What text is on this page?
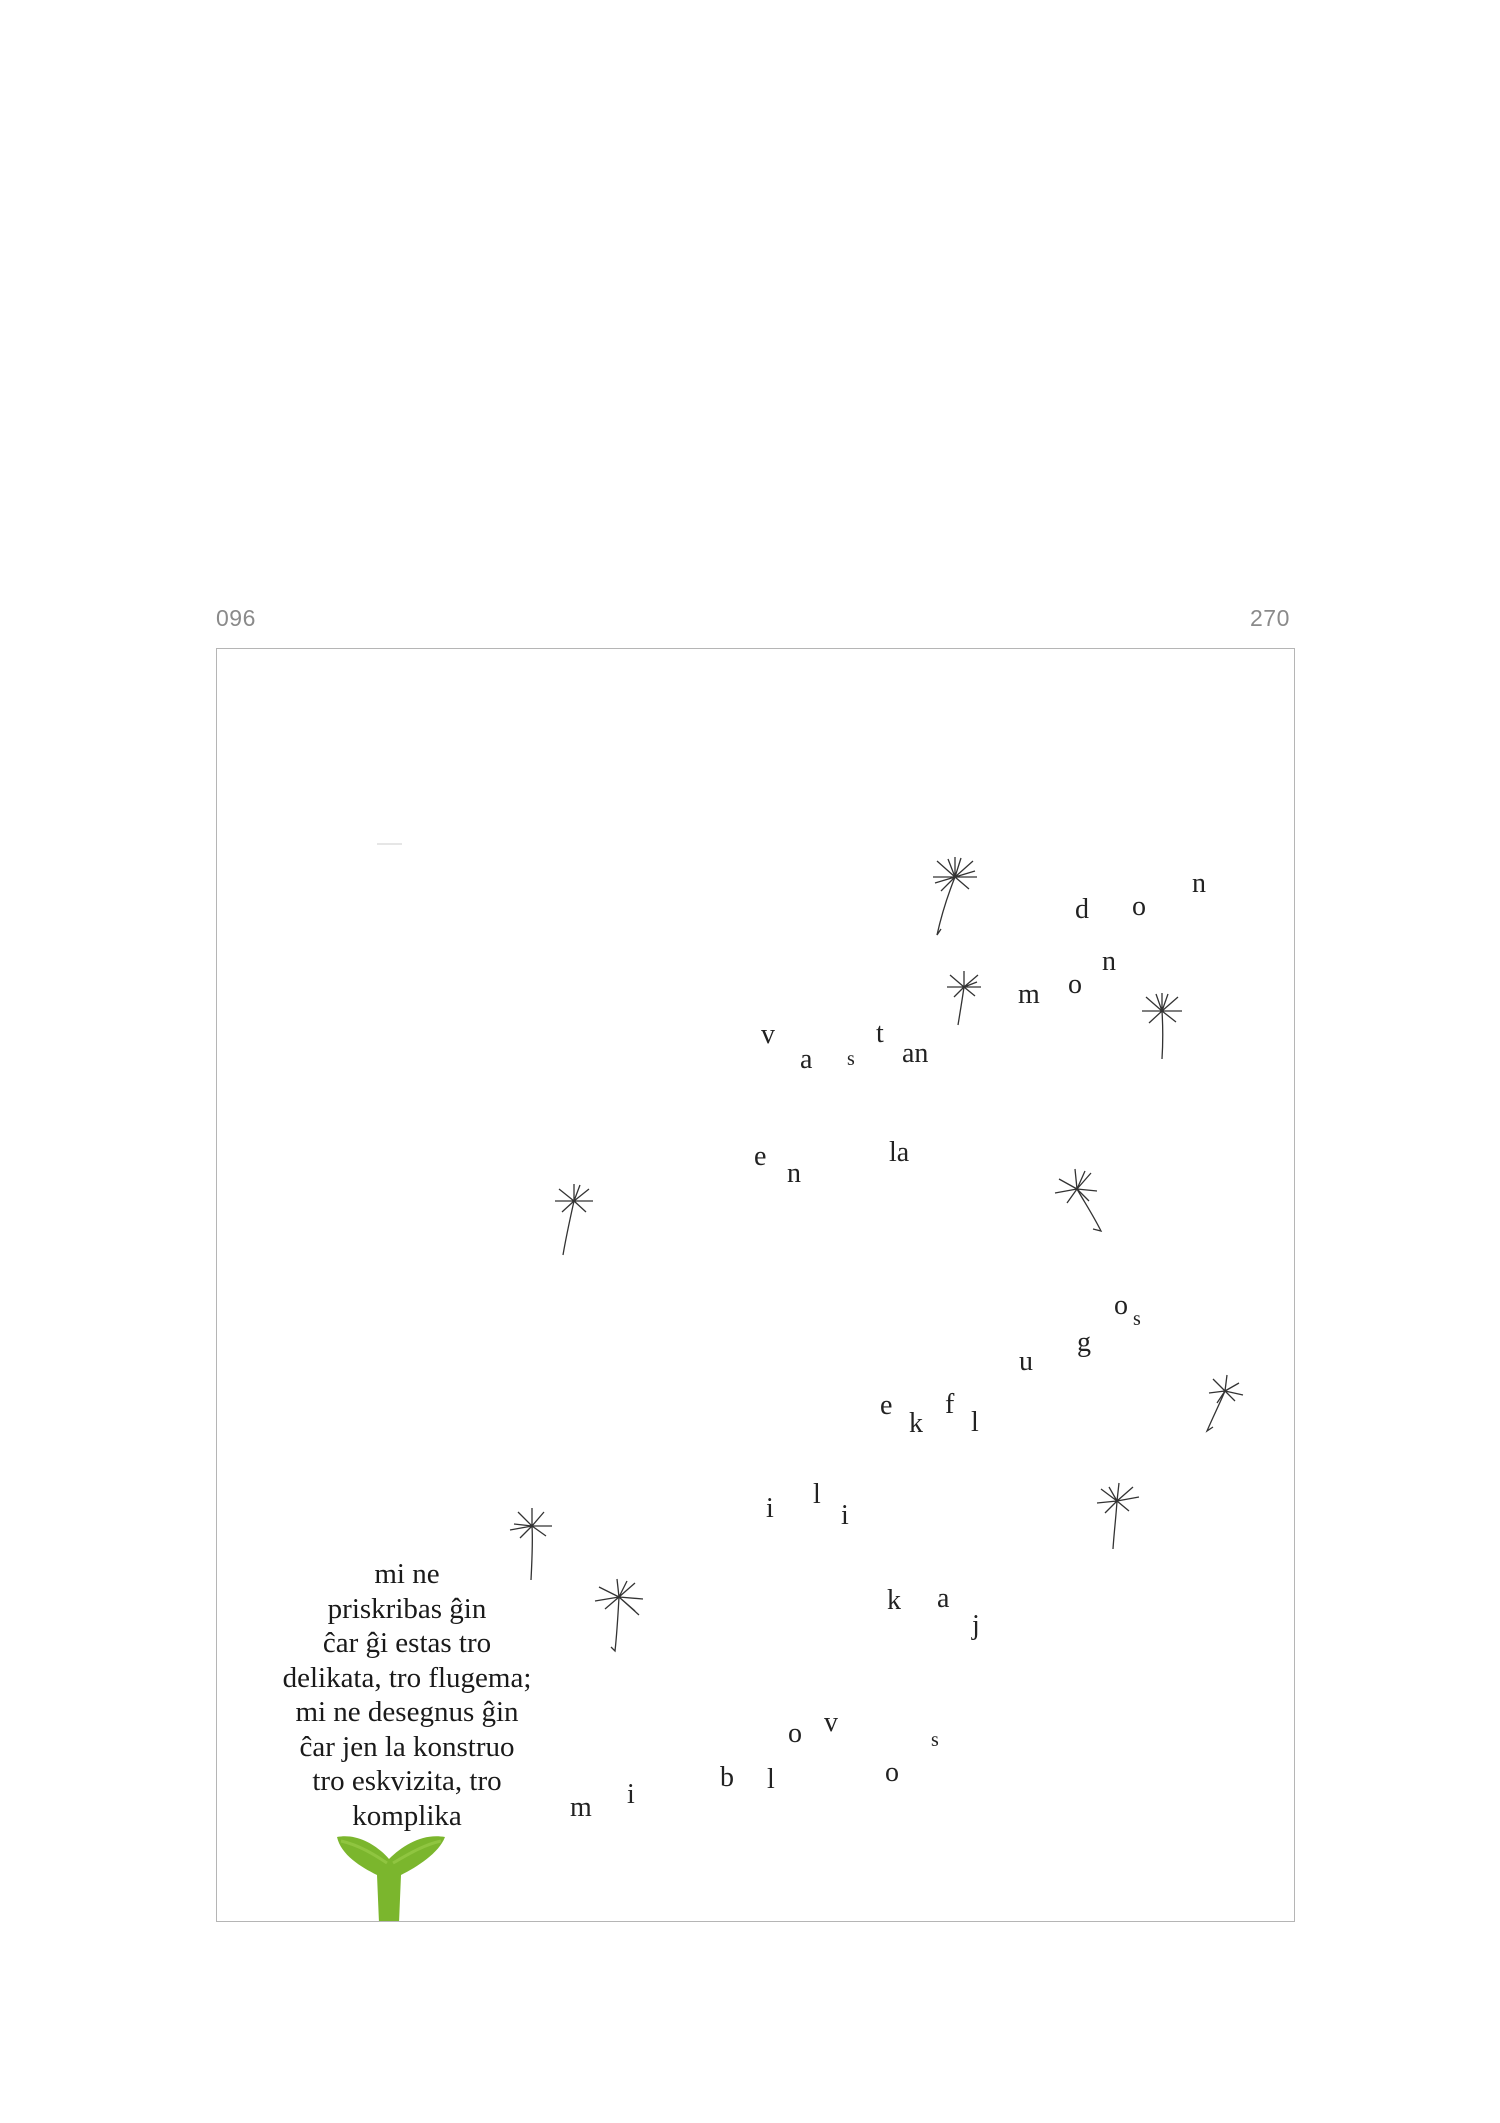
096	270
d o
n
m o
n
v
a s
t
an
e
n
la
o s
g
u
e
k
f
l
i l
i
k a
j
o v
s
m i
b l	o
mi ne
priskribas ĝin
ĉar ĝi estas tro
delikata, tro flugema;
mi ne desegnus ĝin
ĉar jen la konstruo
tro eskvizita, tro
komplika
